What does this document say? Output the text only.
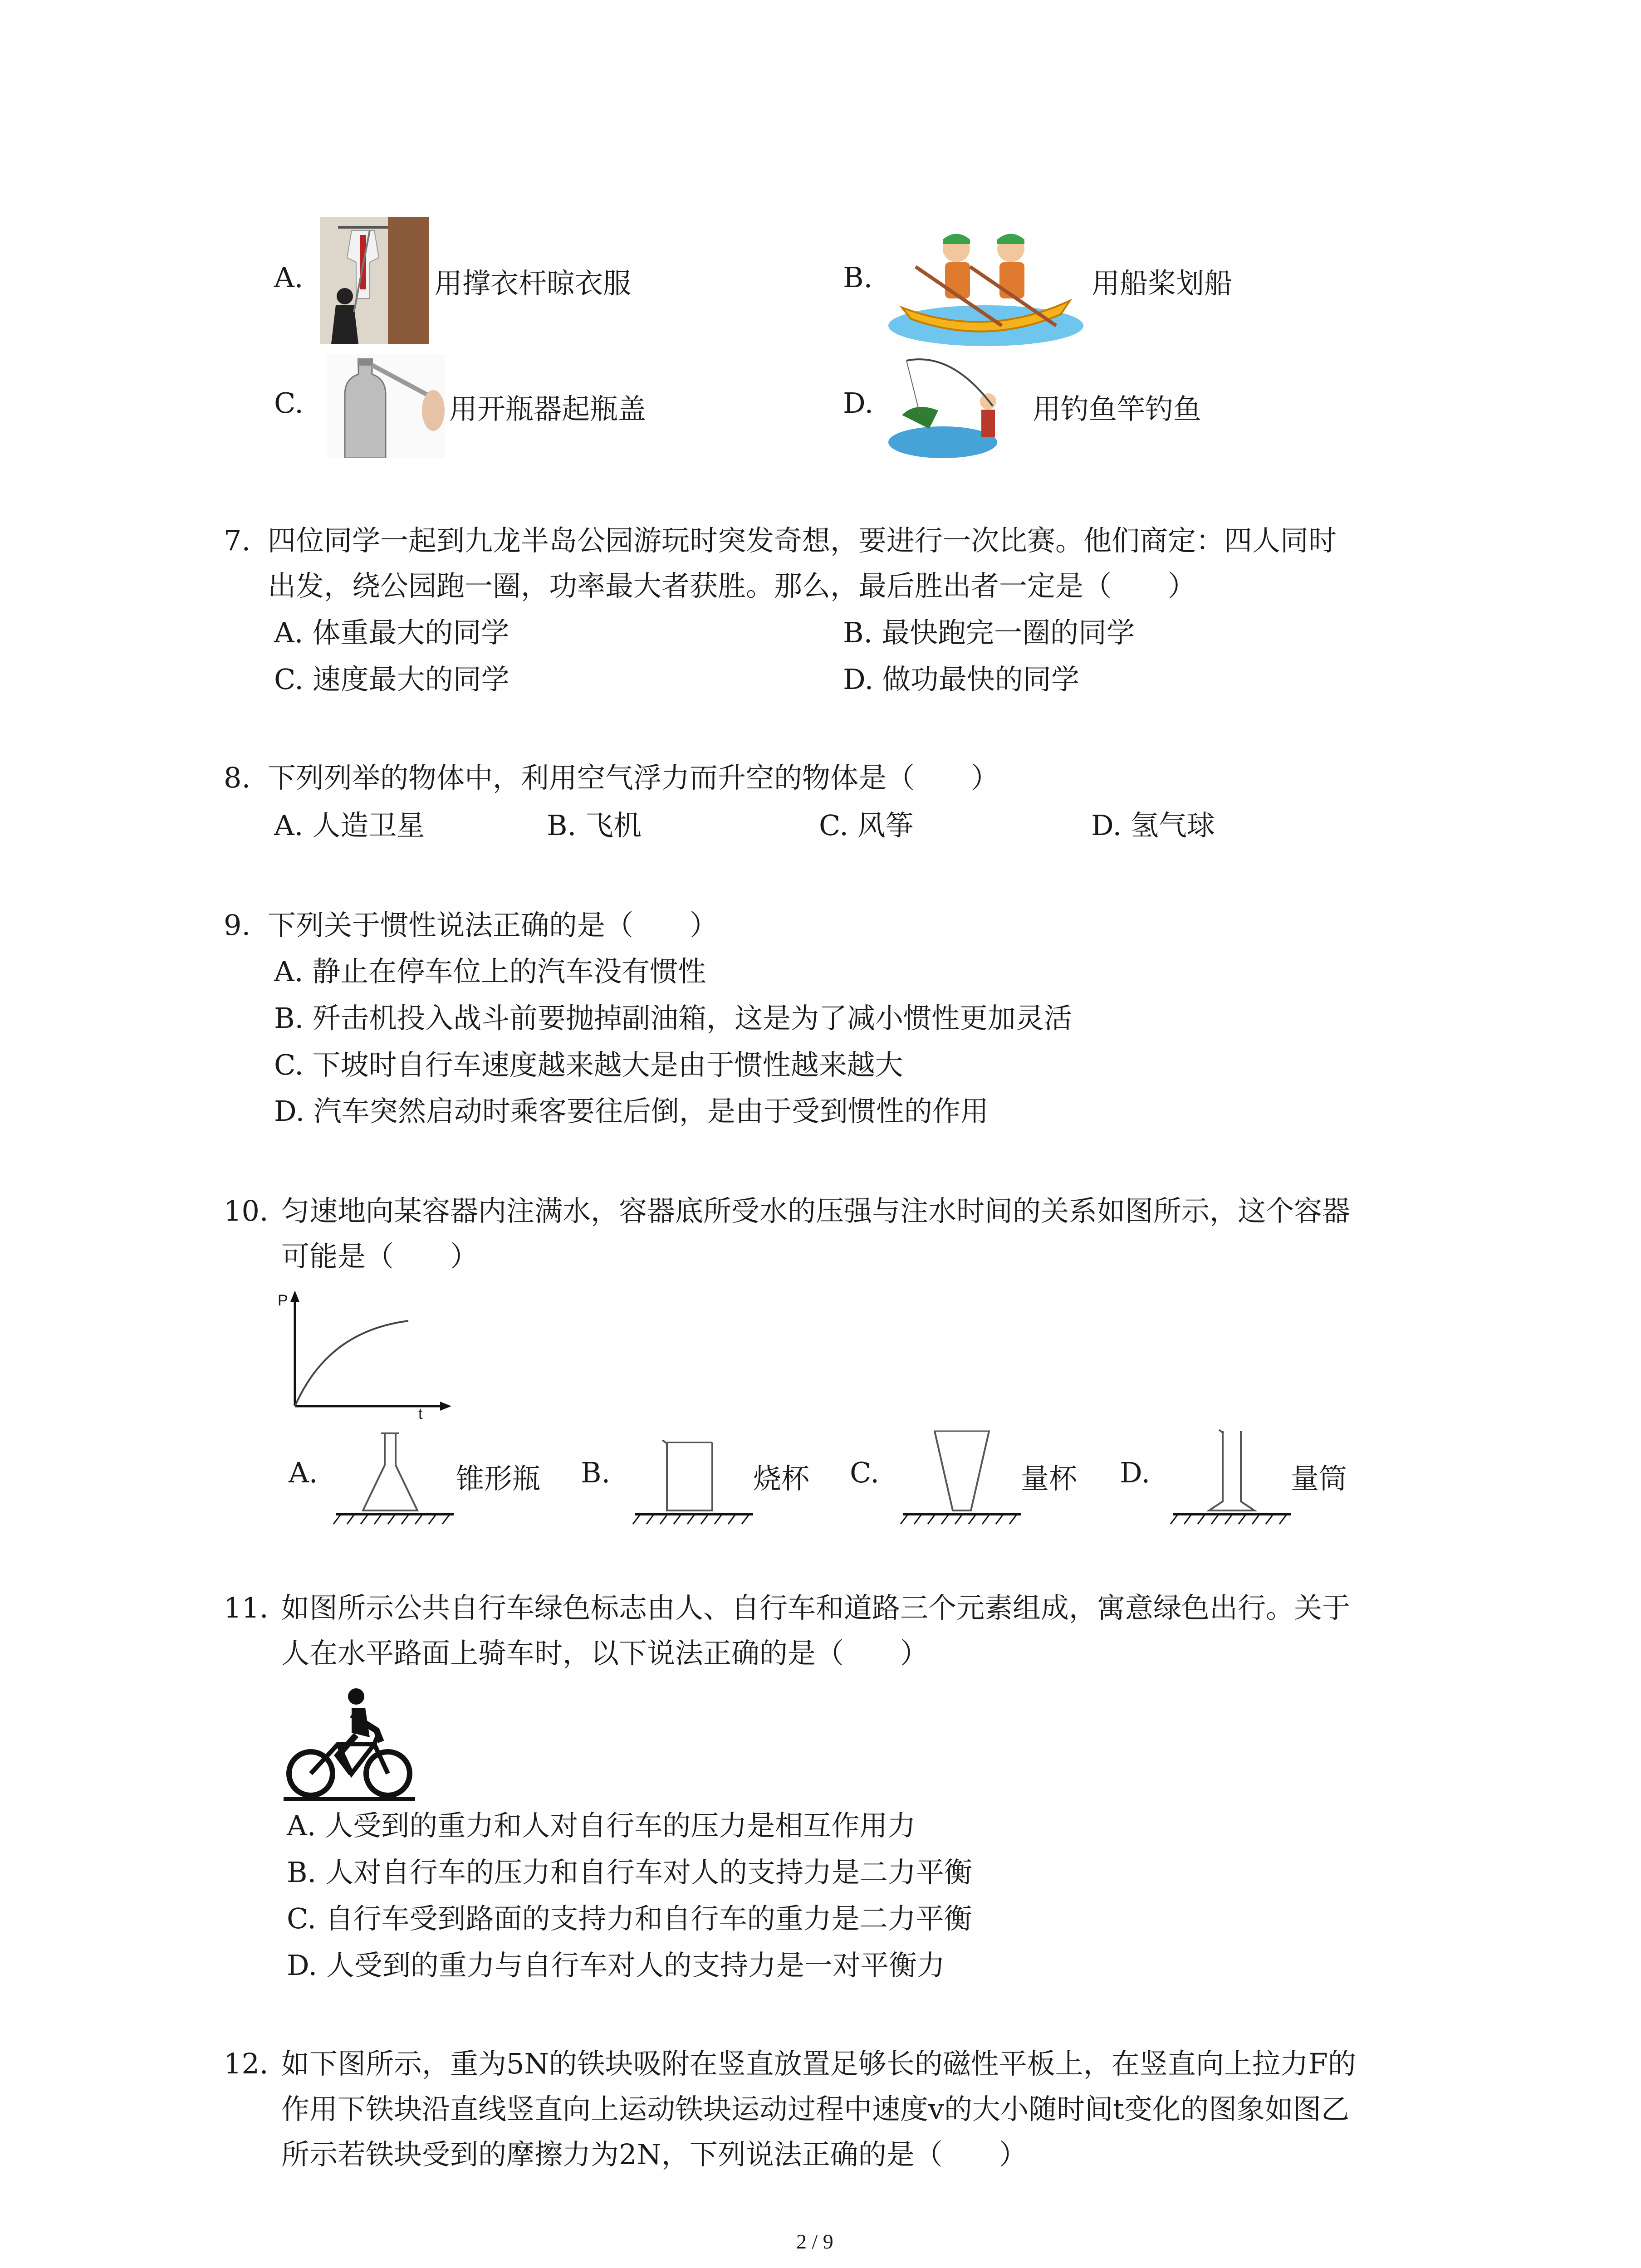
A.	用撑衣杆晾衣服	B.	用船桨划船
C.	用开瓶器起瓶盖	D.	用钓鱼竿钓鱼
7. 四位同学一起到九龙半岛公园游玩时突发奇想，要进行一次比赛。他们商定：四人同时
出发，绕公园跑一圈，功率最大者获胜。那么，最后胜出者一定是（　　）
A. 体重最大的同学	B. 最快跑完一圈的同学
C. 速度最大的同学	D. 做功最快的同学
8. 下列列举的物体中，利用空气浮力而升空的物体是（　　）
A. 人造卫星	B. 飞机	C. 风筝	D. 氢气球
9. 下列关于惯性说法正确的是（　　）
A. 静止在停车位上的汽车没有惯性
B. 歼击机投入战斗前要抛掉副油箱，这是为了减小惯性更加灵活
C. 下坡时自行车速度越来越大是由于惯性越来越大
D. 汽车突然启动时乘客要往后倒，是由于受到惯性的作用
10. 匀速地向某容器内注满水，容器底所受水的压强与注水时间的关系如图所示，这个容器
可能是（　　）
P
t
A.	锥形瓶 B.	烧杯 C.	量杯 D.	量筒
11. 如图所示公共自行车绿色标志由人、自行车和道路三个元素组成，寓意绿色出行。关于
人在水平路面上骑车时，以下说法正确的是（　　）
A. 人受到的重力和人对自行车的压力是相互作用力
B. 人对自行车的压力和自行车对人的支持力是二力平衡
C. 自行车受到路面的支持力和自行车的重力是二力平衡
D. 人受到的重力与自行车对人的支持力是一对平衡力
12. 如下图所示，重为5N的铁块吸附在竖直放置足够长的磁性平板上，在竖直向上拉力F的
作用下铁块沿直线竖直向上运动铁块运动过程中速度v的大小随时间t变化的图象如图乙
所示若铁块受到的摩擦力为2N，下列说法正确的是（　　）
2 / 9
